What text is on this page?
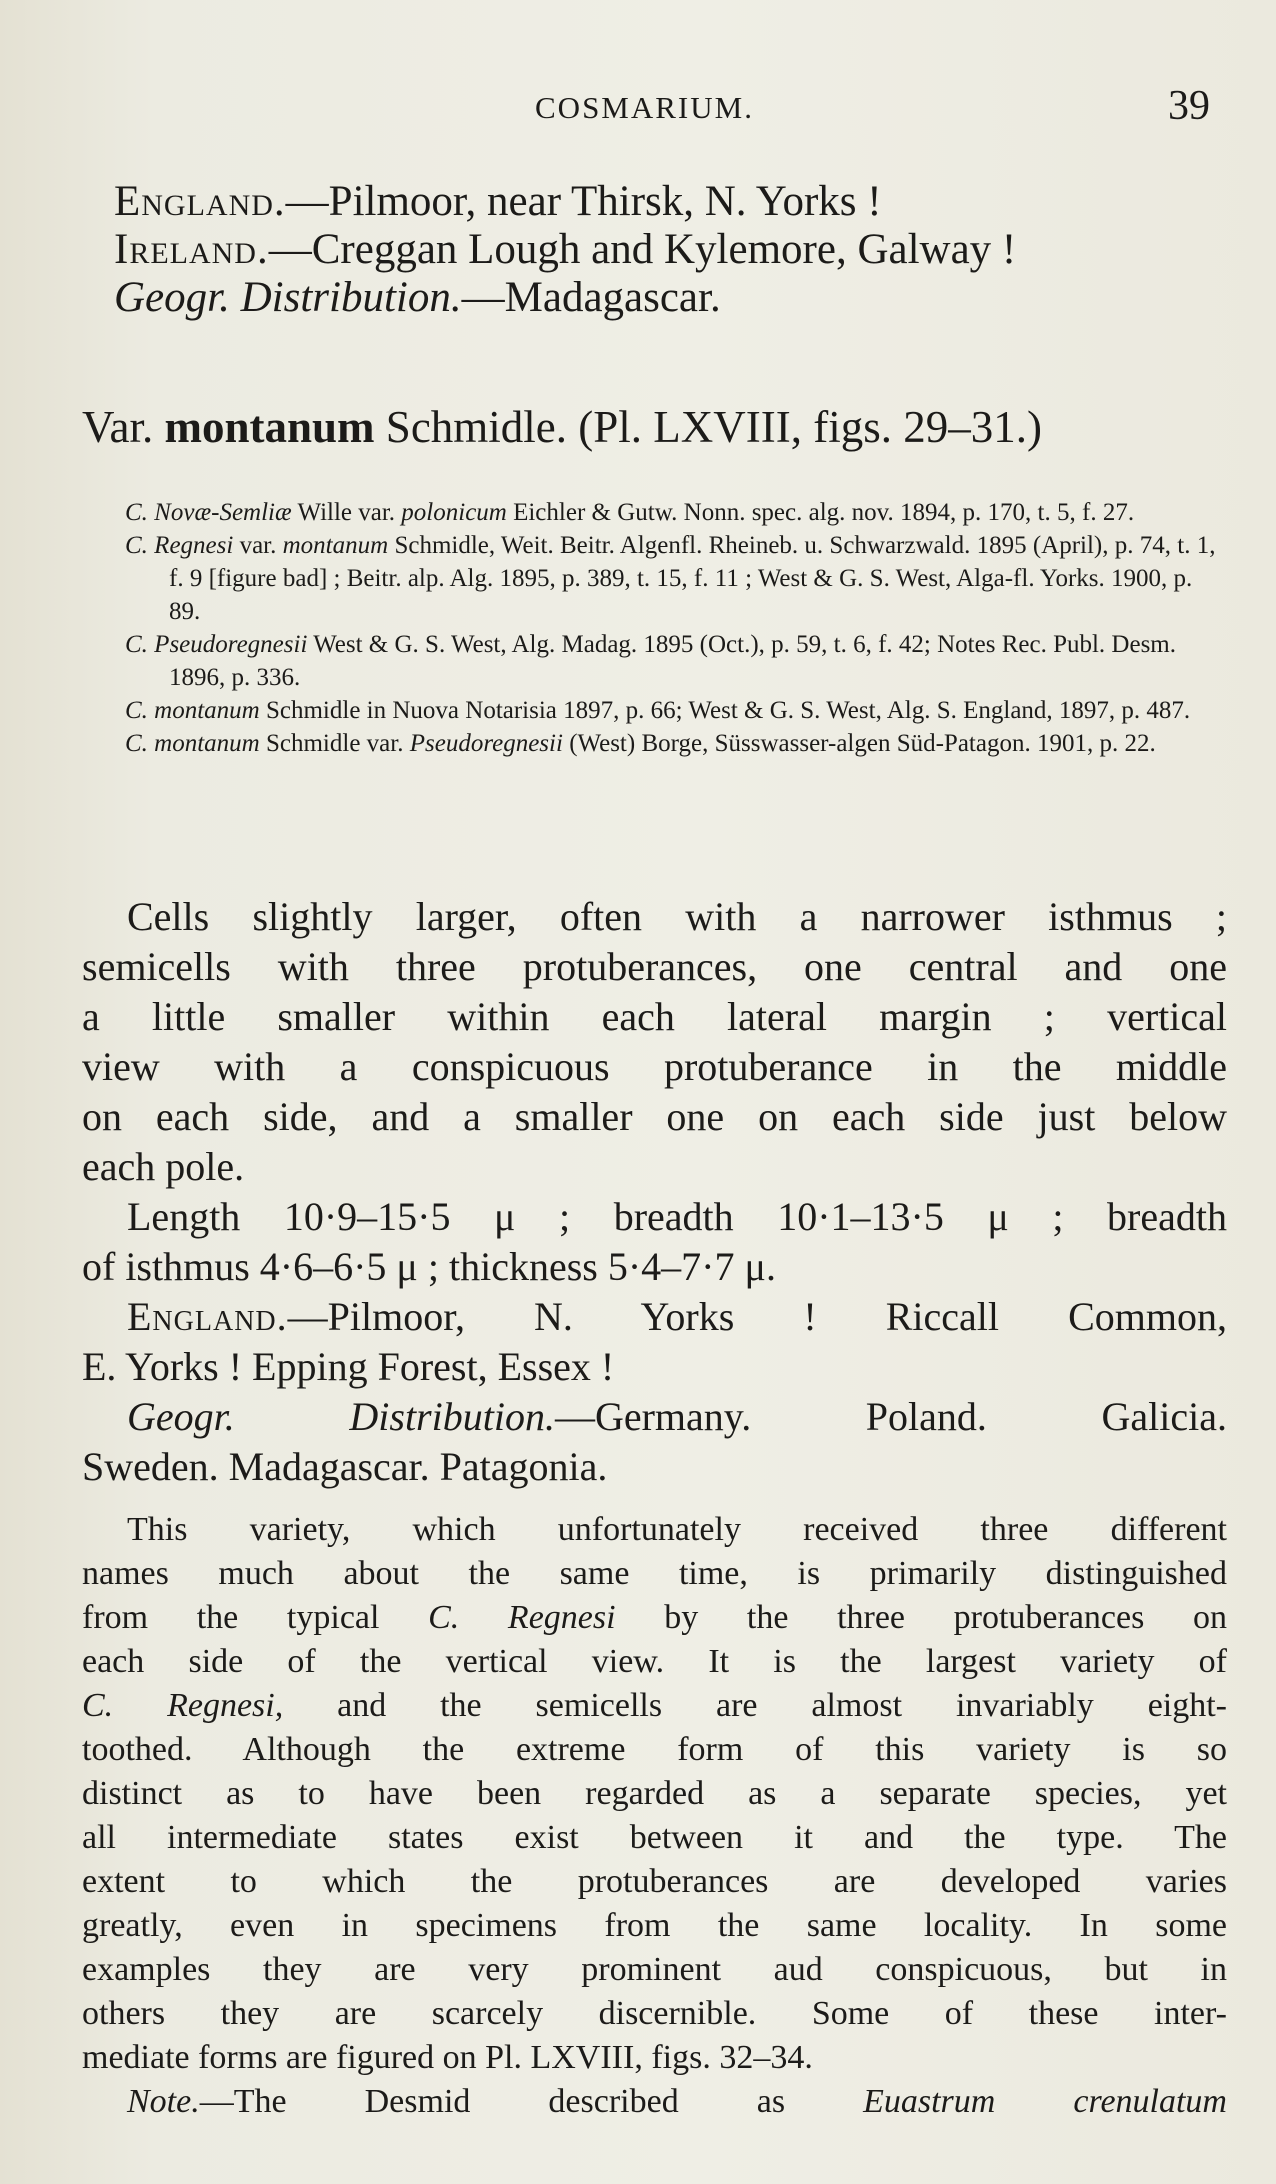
COSMARIUM.	39
England.—Pilmoor, near Thirsk, N. Yorks !
Ireland.—Creggan Lough and Kylemore, Galway !
Geogr. Distribution.—Madagascar.
Var. montanum Schmidle. (Pl. LXVIII, figs. 29–31.)

C. Novæ-Semliæ Wille var. polonicum Eichler & Gutw. Nonn. spec. alg. nov. 1894, p. 170, t. 5, f. 27.

C. Regnesi var. montanum Schmidle, Weit. Beitr. Algenfl. Rheineb. u. Schwarzwald. 1895 (April), p. 74, t. 1, f. 9 [figure bad] ; Beitr. alp. Alg. 1895, p. 389, t. 15, f. 11 ; West & G. S. West, Alga-fl. Yorks. 1900, p. 89.

C. Pseudoregnesii West & G. S. West, Alg. Madag. 1895 (Oct.), p. 59, t. 6, f. 42; Notes Rec. Publ. Desm. 1896, p. 336.

C. montanum Schmidle in Nuova Notarisia 1897, p. 66; West & G. S. West, Alg. S. England, 1897, p. 487.

C. montanum Schmidle var. Pseudoregnesii (West) Borge, Süsswasser-algen Süd-Patagon. 1901, p. 22.

Cells slightly larger, often with a narrower isthmus ;
semicells with three protuberances, one central and one
a little smaller within each lateral margin ; vertical
view with a conspicuous protuberance in the middle
on each side, and a smaller one on each side just below
each pole.
Length 10·9–15·5 μ ; breadth 10·1–13·5 μ ; breadth
of isthmus 4·6–6·5 μ ; thickness 5·4–7·7 μ.
England.—Pilmoor, N. Yorks ! Riccall Common,
E. Yorks ! Epping Forest, Essex !
Geogr. Distribution.—Germany. Poland. Galicia.
Sweden. Madagascar. Patagonia.
This variety, which unfortunately received three different
names much about the same time, is primarily distinguished
from the typical C. Regnesi by the three protuberances on
each side of the vertical view. It is the largest variety of
C. Regnesi, and the semicells are almost invariably eight-
toothed. Although the extreme form of this variety is so
distinct as to have been regarded as a separate species, yet
all intermediate states exist between it and the type. The
extent to which the protuberances are developed varies
greatly, even in specimens from the same locality. In some
examples they are very prominent aud conspicuous, but in
others they are scarcely discernible. Some of these inter-
mediate forms are figured on Pl. LXVIII, figs. 32–34.
Note.—The Desmid described as Euastrum crenulatum
